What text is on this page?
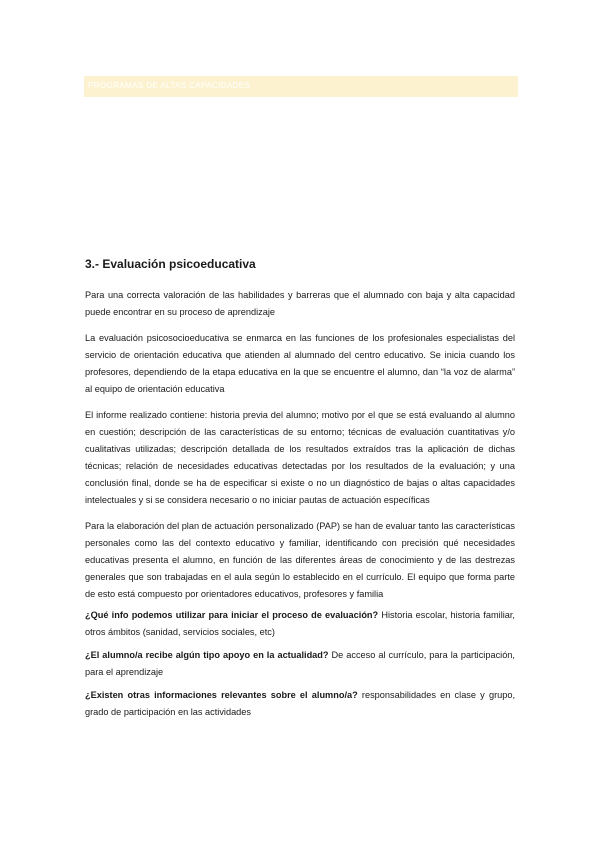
PROGRAMAS DE ALTAS CAPACIDADES
3.- Evaluación psicoeducativa

Para una correcta valoración de las habilidades y barreras que el alumnado con baja y alta capacidad puede encontrar en su proceso de aprendizaje

La evaluación psicosocioeducativa se enmarca en las funciones de los profesionales especialistas del servicio de orientación educativa que atienden al alumnado del centro educativo. Se inicia cuando los profesores, dependiendo de la etapa educativa en la que se encuentre el alumno, dan “la voz de alarma” al equipo de orientación educativa

El informe realizado contiene: historia previa del alumno; motivo por el que se está evaluando al alumno en cuestión; descripción de las características de su entorno; técnicas de evaluación cuantitativas y/o cualitativas utilizadas; descripción detallada de los resultados extraídos tras la aplicación de dichas técnicas; relación de necesidades educativas detectadas por los resultados de la evaluación; y una conclusión final, donde se ha de especificar si existe o no un diagnóstico de bajas o altas capacidades intelectuales y si se considera necesario o no iniciar pautas de actuación específicas

Para la elaboración del plan de actuación personalizado (PAP) se han de evaluar tanto las características personales como las del contexto educativo y familiar, identificando con precisión qué necesidades educativas presenta el alumno, en función de las diferentes áreas de conocimiento y de las destrezas generales que son trabajadas en el aula según lo establecido en el currículo. El equipo que forma parte de esto está compuesto por orientadores educativos, profesores y familia

¿Qué info podemos utilizar para iniciar el proceso de evaluación? Historia escolar, historia familiar, otros ámbitos (sanidad, servicios sociales, etc)

¿El alumno/a recibe algún tipo apoyo en la actualidad? De acceso al currículo, para la participación, para el aprendizaje

¿Existen otras informaciones relevantes sobre el alumno/a? responsabilidades en clase y grupo, grado de participación en las actividades
